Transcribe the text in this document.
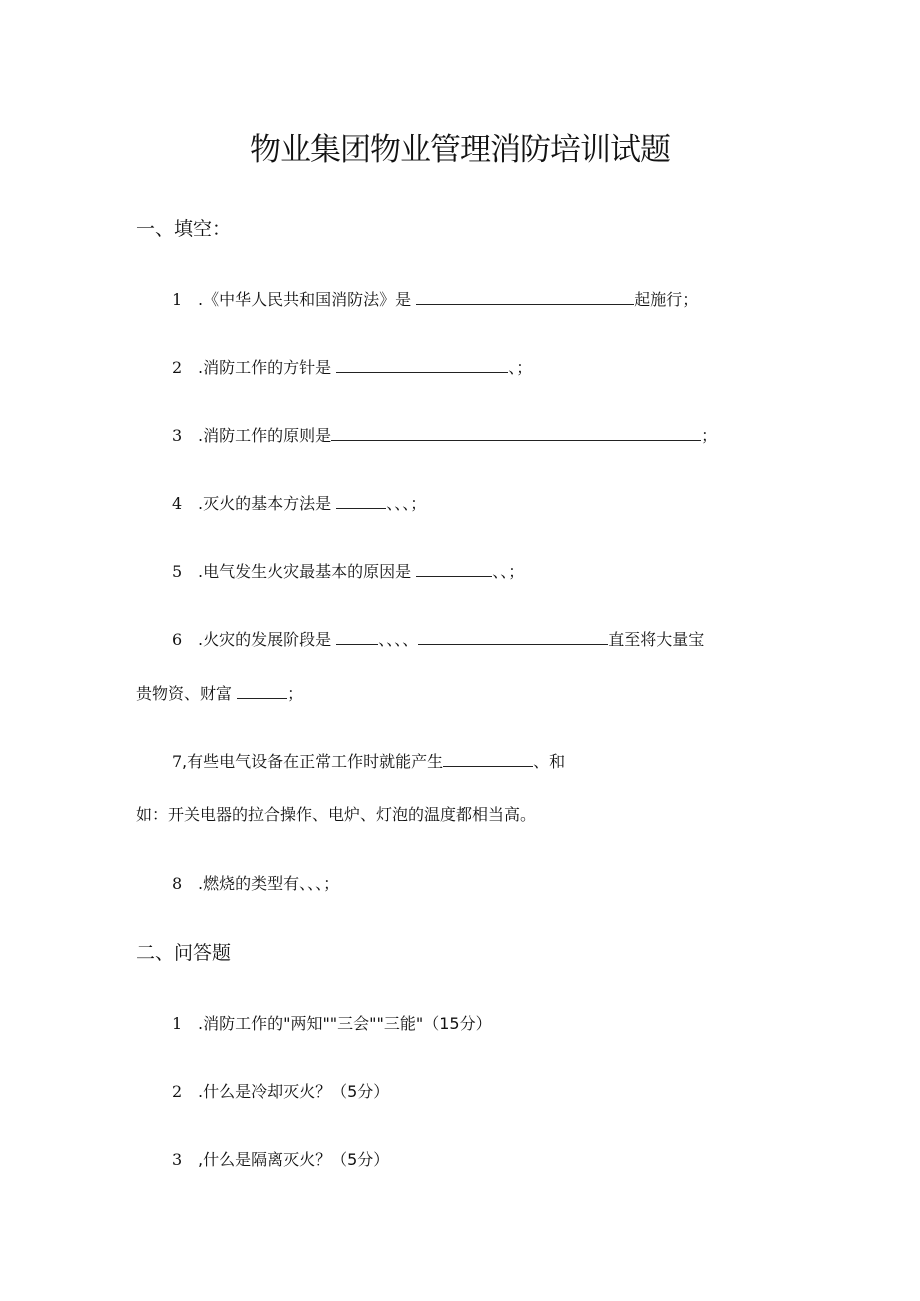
物业集团物业管理消防培训试题
一、填空：
1 .《中华人民共和国消防法》是	起施行；
2 .消防工作的方针是	、；
3 .消防工作的原则是	；
4 .灭火的基本方法是	、、、；
5 .电气发生火灾最基本的原因是	、、；
6 .火灾的发展阶段是	、、、、	直至将大量宝
贵物资、财富	；
7,有些电气设备在正常工作时就能产生	、和
如：开关电器的拉合操作、电炉、灯泡的温度都相当高。
8 .燃烧的类型有、、、；
二、问答题
1 .消防工作的"两知""三会""三能"（15分）
2 .什么是冷却灭火？（5分）
3 ,什么是隔离灭火？（5分）
